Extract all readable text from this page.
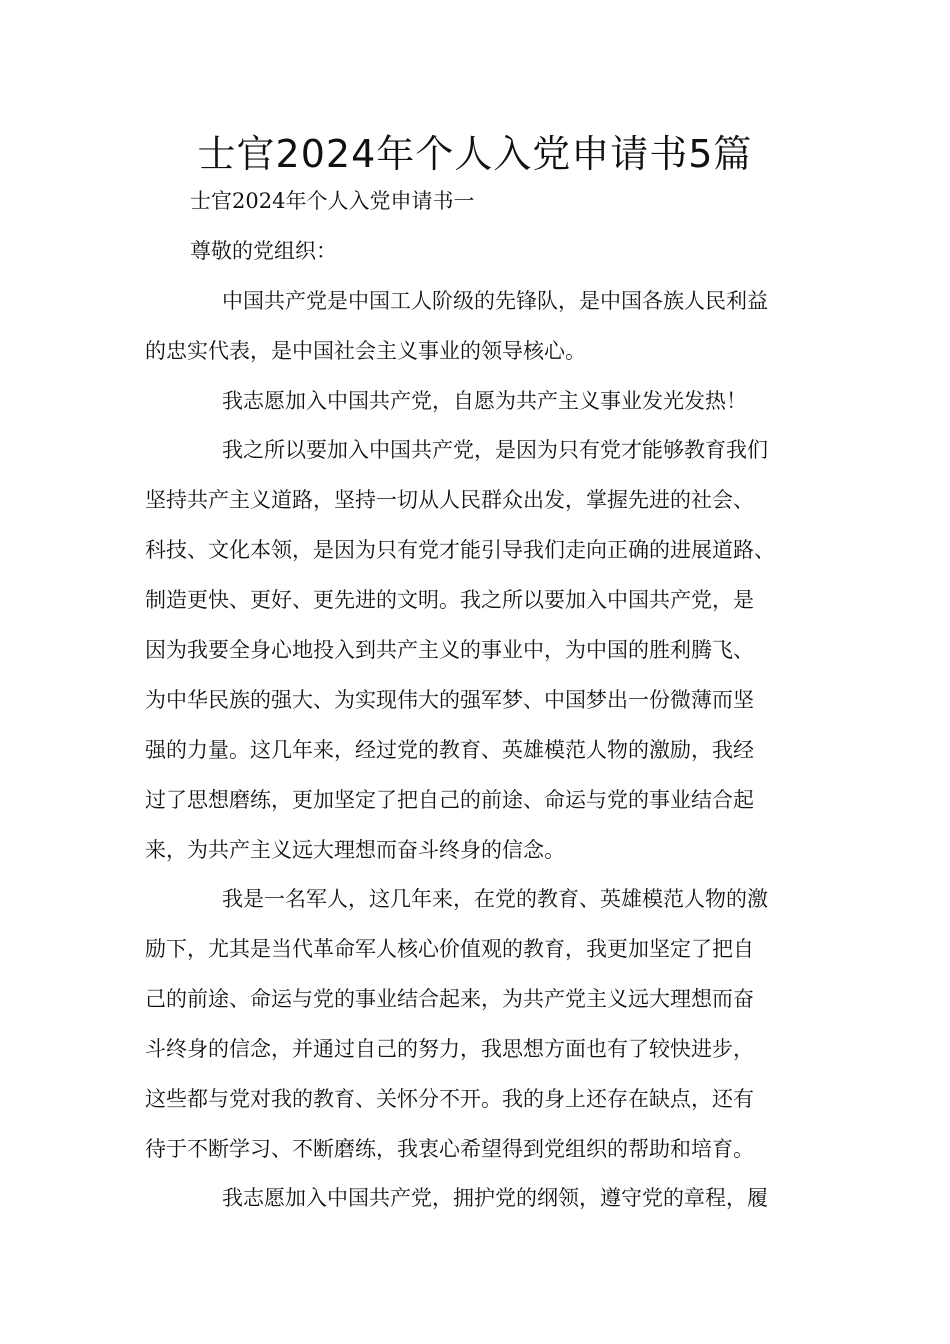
士官2024年个人入党申请书5篇

士官2024年个人入党申请书一

尊敬的党组织：

中国共产党是中国工人阶级的先锋队，是中国各族人民利益

的忠实代表，是中国社会主义事业的领导核心。

我志愿加入中国共产党，自愿为共产主义事业发光发热！

我之所以要加入中国共产党，是因为只有党才能够教育我们

坚持共产主义道路，坚持一切从人民群众出发，掌握先进的社会、

科技、文化本领，是因为只有党才能引导我们走向正确的进展道路、

制造更快、更好、更先进的文明。我之所以要加入中国共产党，是

因为我要全身心地投入到共产主义的事业中，为中国的胜利腾飞、

为中华民族的强大、为实现伟大的强军梦、中国梦出一份微薄而坚

强的力量。这几年来，经过党的教育、英雄模范人物的激励，我经

过了思想磨练，更加坚定了把自己的前途、命运与党的事业结合起

来，为共产主义远大理想而奋斗终身的信念。

我是一名军人，这几年来，在党的教育、英雄模范人物的激

励下，尤其是当代革命军人核心价值观的教育，我更加坚定了把自

己的前途、命运与党的事业结合起来，为共产党主义远大理想而奋

斗终身的信念，并通过自己的努力，我思想方面也有了较快进步，

这些都与党对我的教育、关怀分不开。我的身上还存在缺点，还有

待于不断学习、不断磨练，我衷心希望得到党组织的帮助和培育。

我志愿加入中国共产党，拥护党的纲领，遵守党的章程，履
